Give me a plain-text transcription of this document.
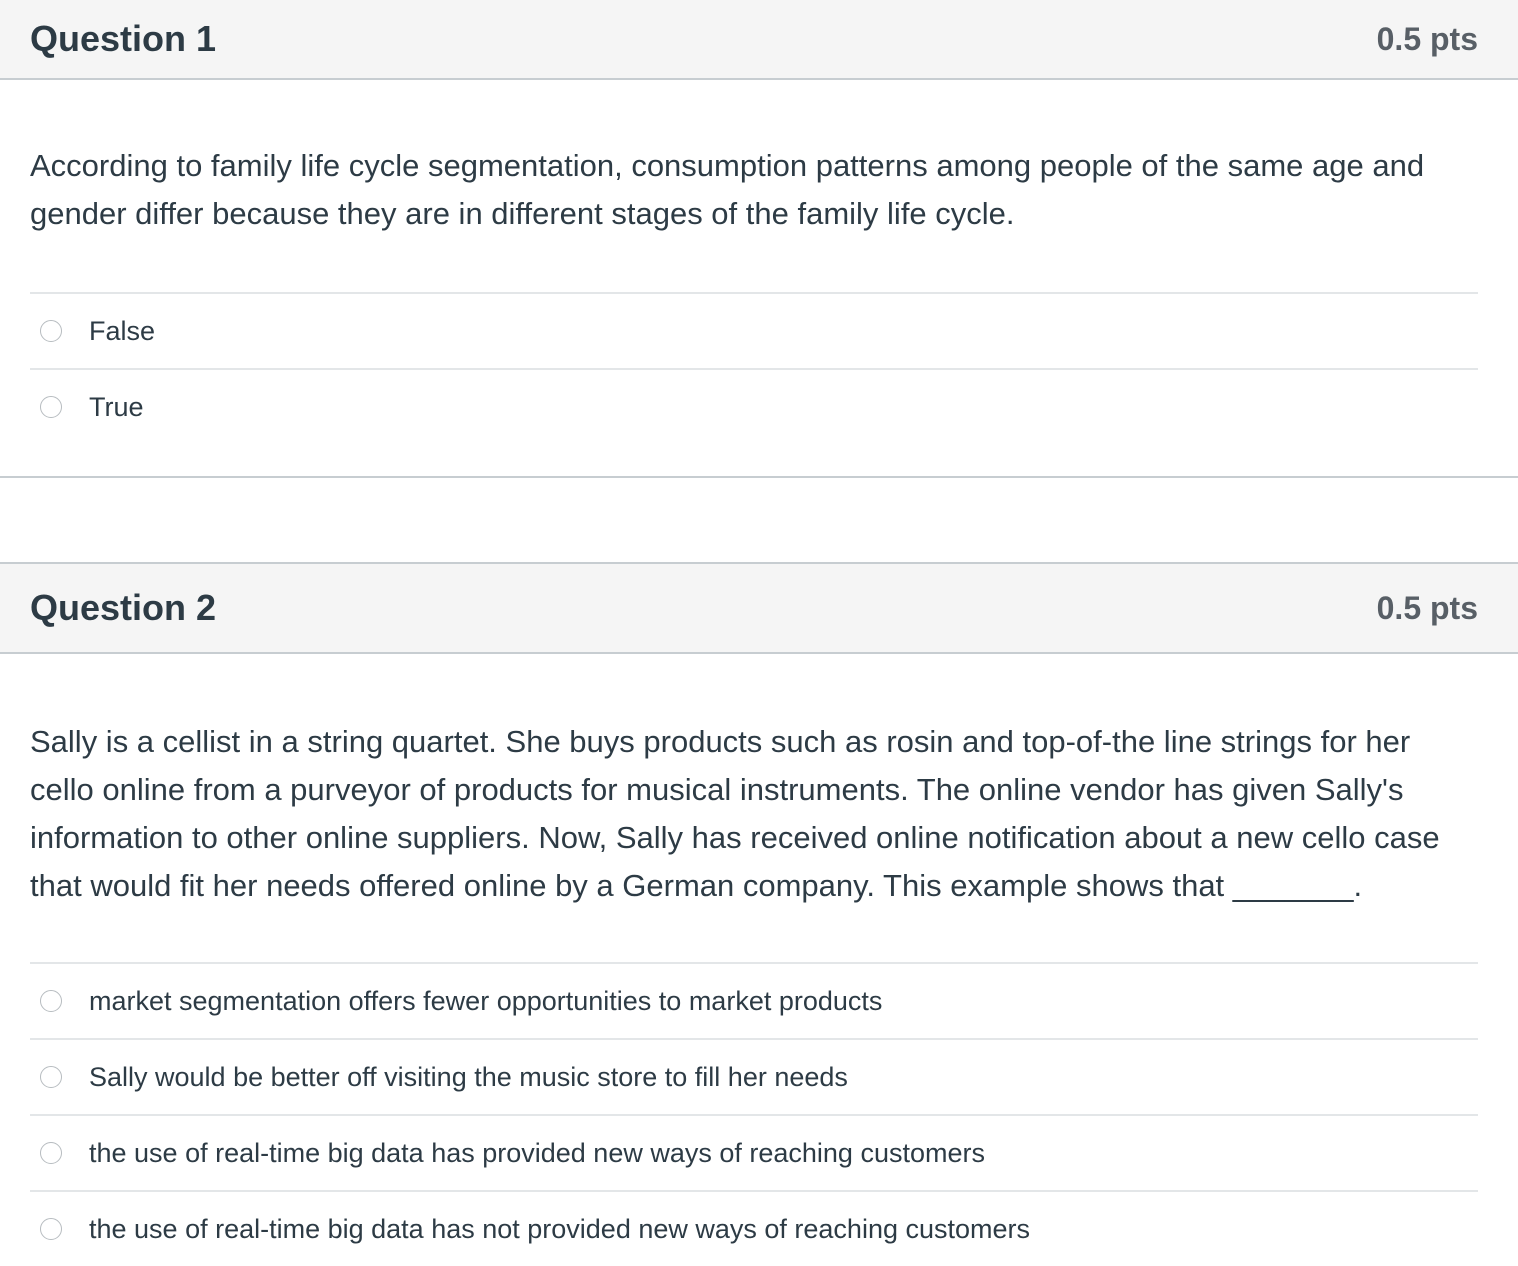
Question 1	0.5 pts
According to family life cycle segmentation, consumption patterns among people of the same age and gender differ because they are in different stages of the family life cycle.
False
True
Question 2	0.5 pts
Sally is a cellist in a string quartet. She buys products such as rosin and top-of-the line strings for her cello online from a purveyor of products for musical instruments. The online vendor has given Sally's information to other online suppliers. Now, Sally has received online notification about a new cello case that would fit her needs offered online by a German company. This example shows that _______.
market segmentation offers fewer opportunities to market products
Sally would be better off visiting the music store to fill her needs
the use of real-time big data has provided new ways of reaching customers
the use of real-time big data has not provided new ways of reaching customers
